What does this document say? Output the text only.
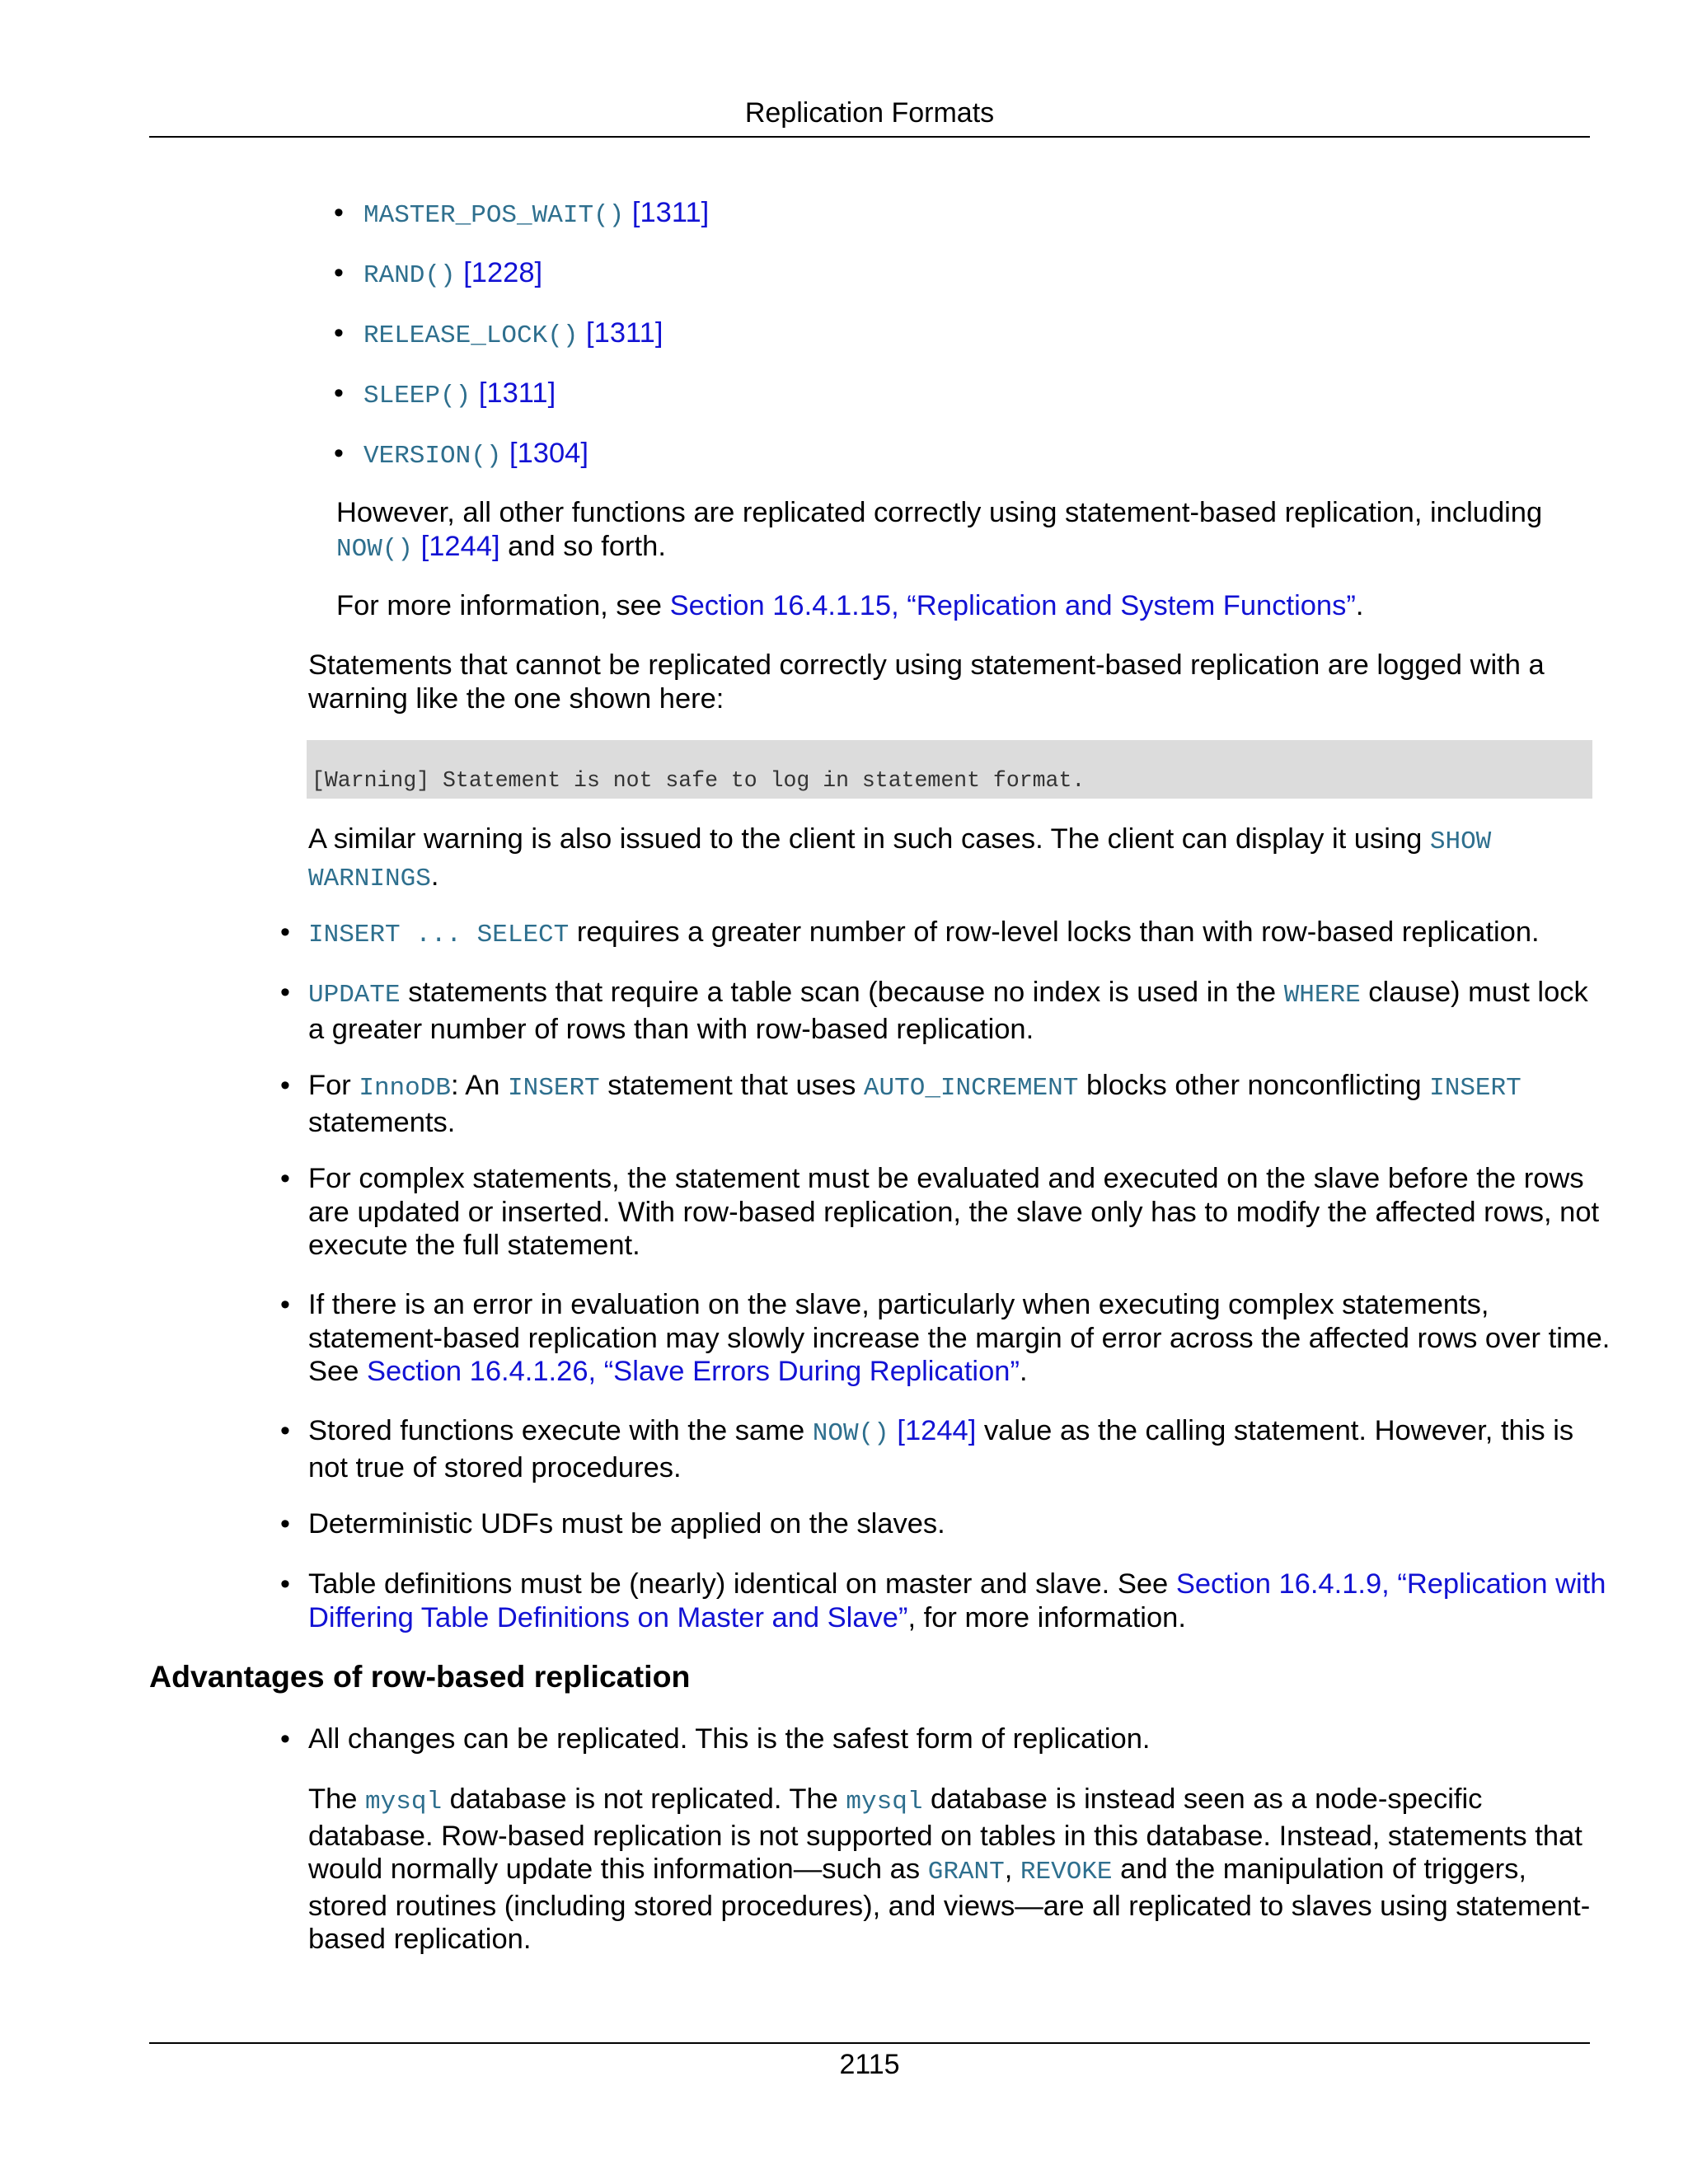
Replication Formats
• MASTER_POS_WAIT() [1311]
• RAND() [1228]
• RELEASE_LOCK() [1311]
• SLEEP() [1311]
• VERSION() [1304]
However, all other functions are replicated correctly using statement-based replication, including
NOW() [1244] and so forth.
For more information, see Section 16.4.1.15, “Replication and System Functions”.
Statements that cannot be replicated correctly using statement-based replication are logged with a
warning like the one shown here:
[Warning] Statement is not safe to log in statement format.
A similar warning is also issued to the client in such cases. The client can display it using SHOW
WARNINGS.
• INSERT ... SELECT requires a greater number of row-level locks than with row-based replication.
• UPDATE statements that require a table scan (because no index is used in the WHERE clause) must lock
a greater number of rows than with row-based replication.
• For InnoDB: An INSERT statement that uses AUTO_INCREMENT blocks other nonconflicting INSERT
statements.
• For complex statements, the statement must be evaluated and executed on the slave before the rows
are updated or inserted. With row-based replication, the slave only has to modify the affected rows, not
execute the full statement.
• If there is an error in evaluation on the slave, particularly when executing complex statements,
statement-based replication may slowly increase the margin of error across the affected rows over time.
See Section 16.4.1.26, “Slave Errors During Replication”.
• Stored functions execute with the same NOW() [1244] value as the calling statement. However, this is
not true of stored procedures.
• Deterministic UDFs must be applied on the slaves.
• Table definitions must be (nearly) identical on master and slave. See Section 16.4.1.9, “Replication with
Differing Table Definitions on Master and Slave”, for more information.
Advantages of row-based replication
• All changes can be replicated. This is the safest form of replication.
The mysql database is not replicated. The mysql database is instead seen as a node-specific
database. Row-based replication is not supported on tables in this database. Instead, statements that
would normally update this information—such as GRANT, REVOKE and the manipulation of triggers,
stored routines (including stored procedures), and views—are all replicated to slaves using statement-
based replication.
2115
